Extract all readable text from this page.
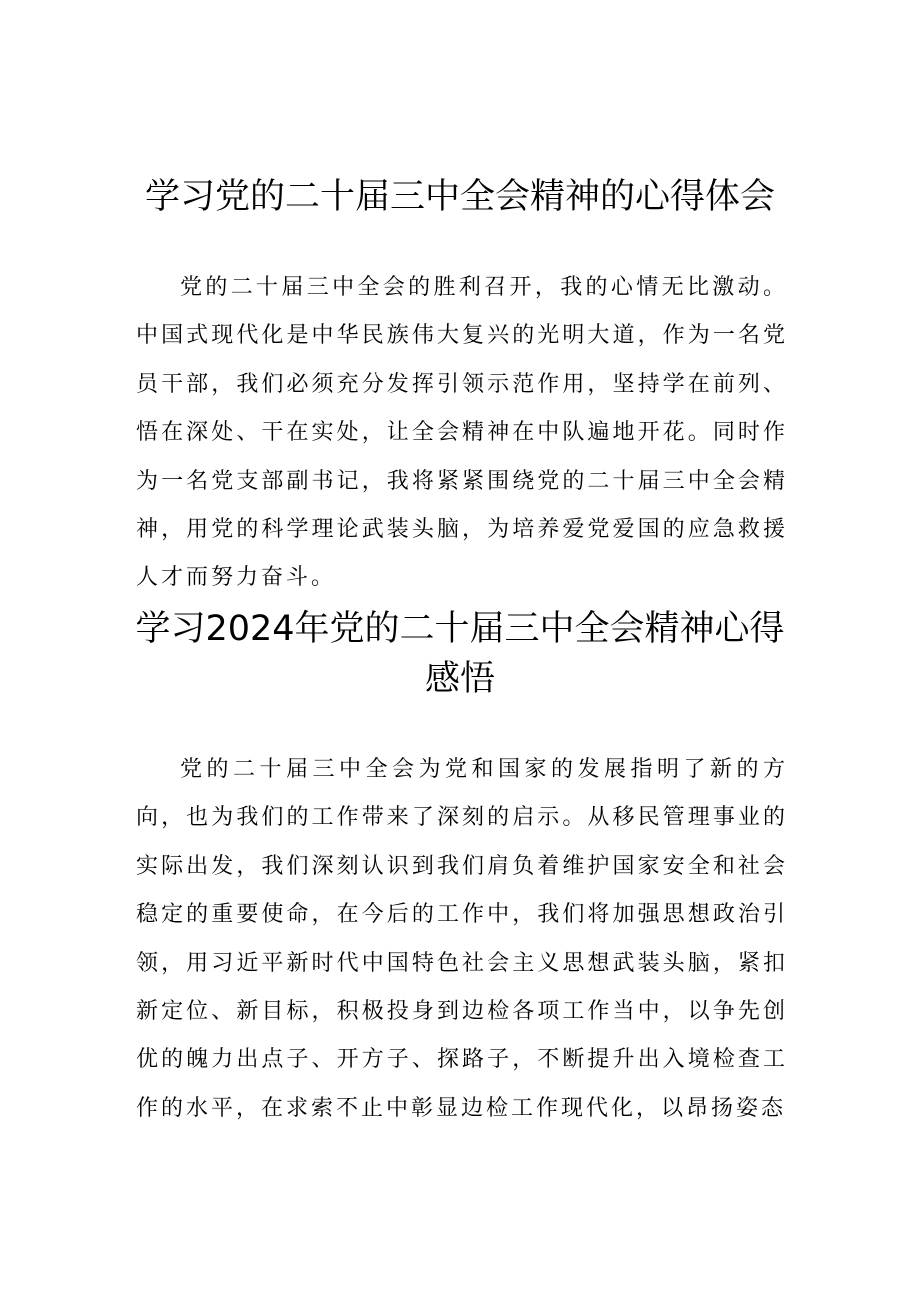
学习党的二十届三中全会精神的心得体会

党的二十届三中全会的胜利召开，我的心情无比激动。中国式现代化是中华民族伟大复兴的光明大道，作为一名党员干部，我们必须充分发挥引领示范作用，坚持学在前列、悟在深处、干在实处，让全会精神在中队遍地开花。同时作为一名党支部副书记，我将紧紧围绕党的二十届三中全会精神，用党的科学理论武装头脑，为培养爱党爱国的应急救援人才而努力奋斗。

学习2024年党的二十届三中全会精神心得感悟

党的二十届三中全会为党和国家的发展指明了新的方向，也为我们的工作带来了深刻的启示。从移民管理事业的实际出发，我们深刻认识到我们肩负着维护国家安全和社会稳定的重要使命，在今后的工作中，我们将加强思想政治引领，用习近平新时代中国特色社会主义思想武装头脑，紧扣新定位、新目标，积极投身到边检各项工作当中，以争先创优的魄力出点子、开方子、探路子，不断提升出入境检查工作的水平，在求索不止中彰显边检工作现代化，以昂扬姿态
